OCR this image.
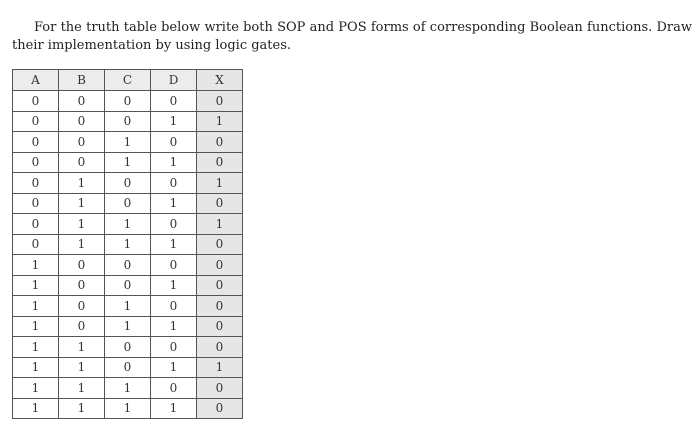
For the truth table below write both SOP and POS forms of corresponding Boolean functions. Draw their implementation by using logic gates.

A	B	C	D	X
0	0	0	0	0
0	0	0	1	1
0	0	1	0	0
0	0	1	1	0
0	1	0	0	1
0	1	0	1	0
0	1	1	0	1
0	1	1	1	0
1	0	0	0	0
1	0	0	1	0
1	0	1	0	0
1	0	1	1	0
1	1	0	0	0
1	1	0	1	1
1	1	1	0	0
1	1	1	1	0
